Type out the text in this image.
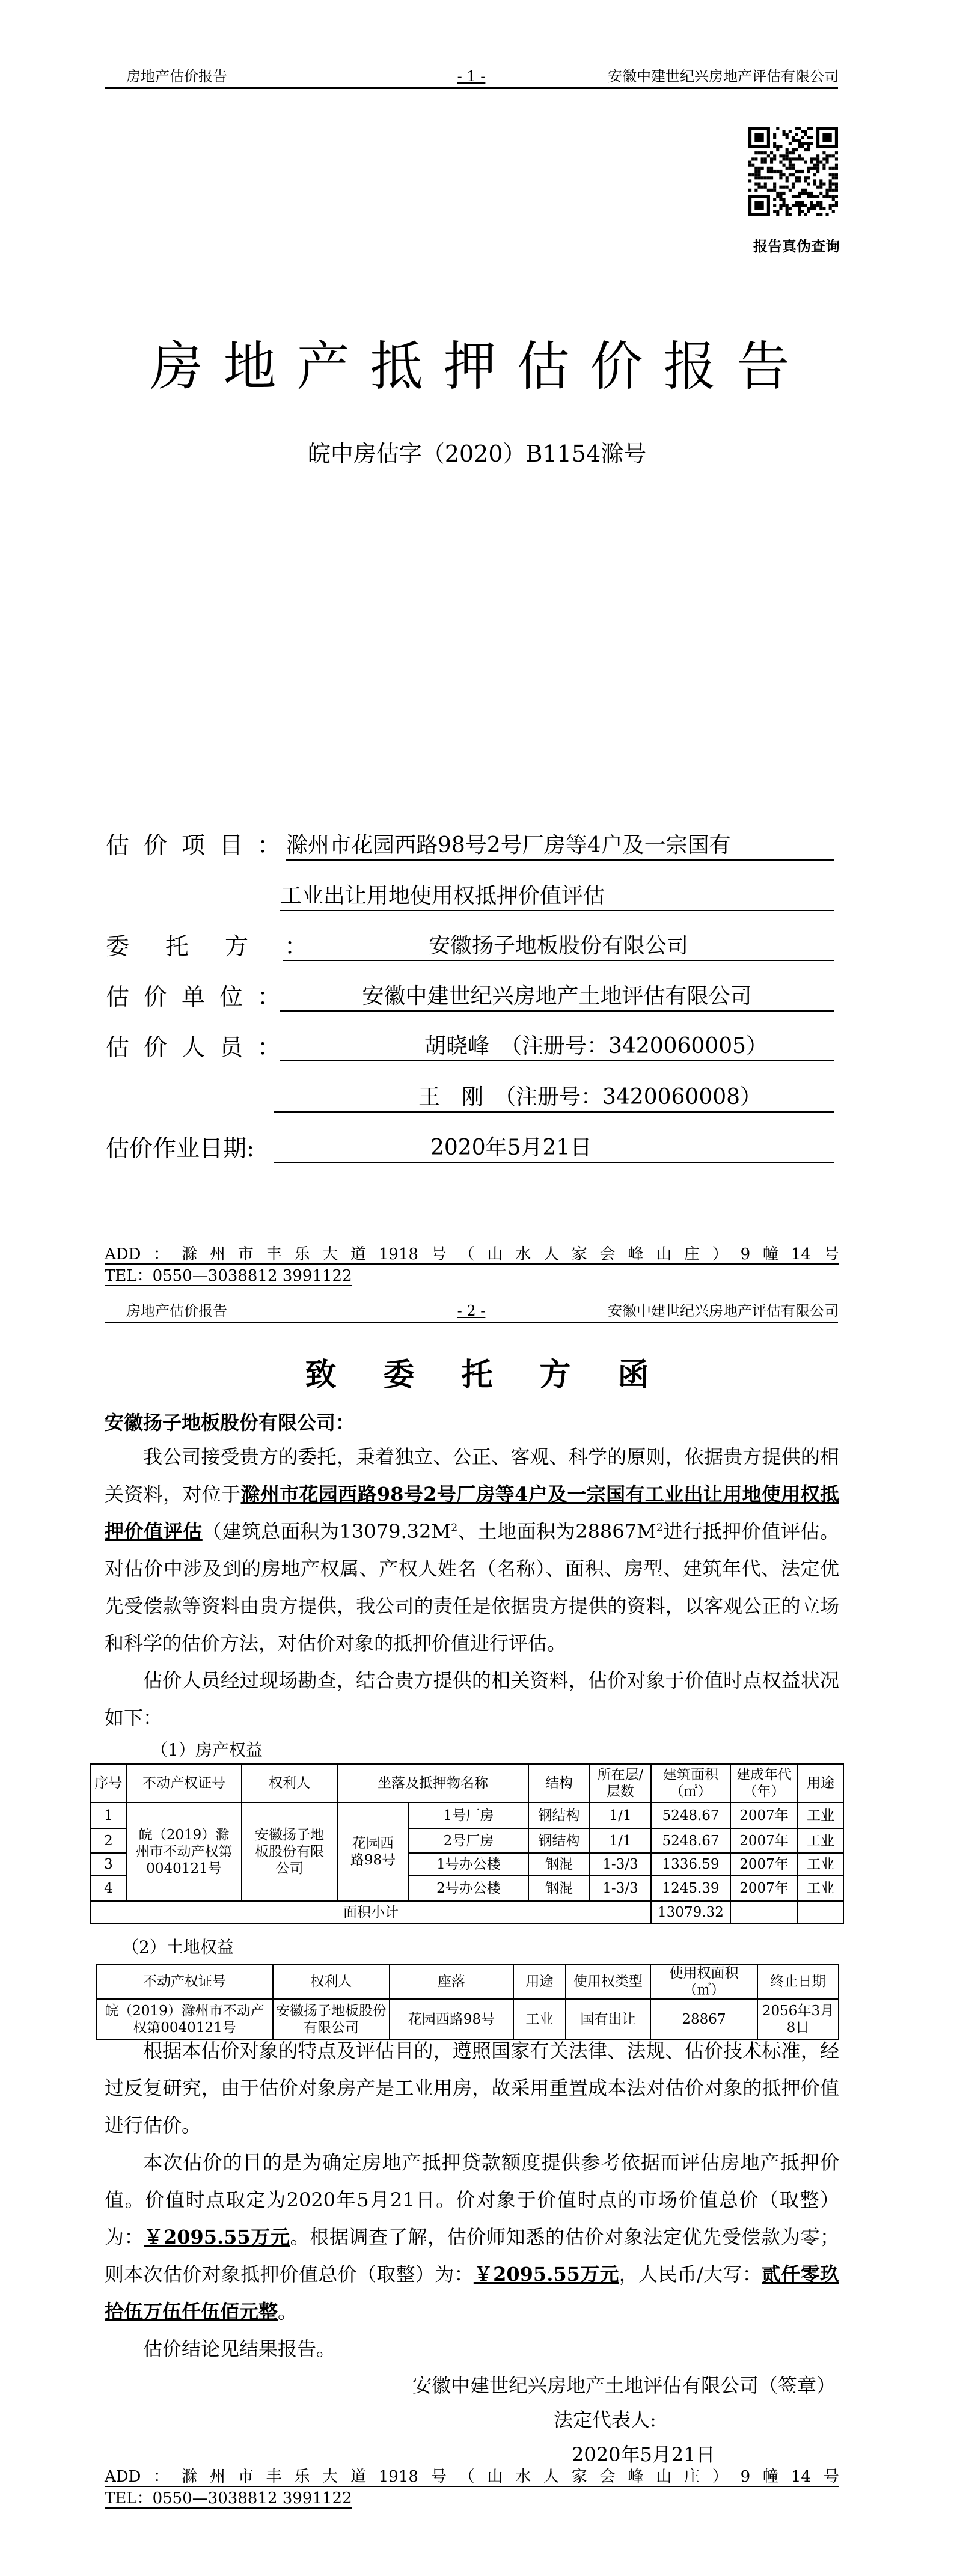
房地产估价报告	- 1 -	安徽中建世纪兴房地产评估有限公司
报告真伪查询
房地产抵押估价报告
皖中房估字（2020）B1154滁号
估价项目：
滁州市花园西路98号2号厂房等4户及一宗国有
工业出让用地使用权抵押价值评估
委托方：	安徽扬子地板股份有限公司
估价单位：	安徽中建世纪兴房地产土地评估有限公司
估价人员：	胡晓峰　（注册号：3420060005）
王　刚　（注册号：3420060008）
估价作业日期:	2020年5月21日
ADD ： 滁 州 市 丰 乐 大 道 1918 号 （ 山 水 人 家 会 峰 山 庄 ） 9 幢 14 号
TEL：0550—3038812 3991122
房地产估价报告	- 2 -	安徽中建世纪兴房地产评估有限公司
致委托方函
安徽扬子地板股份有限公司：

我公司接受贵方的委托，秉着独立、公正、客观、科学的原则，依据贵方提供的相关资料，对位于滁州市花园西路98号2号厂房等4户及一宗国有工业出让用地使用权抵押价值评估（建筑总面积为$13079.32M^2$、土地面积为$28867M^2$进行抵押价值评估。对估价中涉及到的房地产权属、产权人姓名（名称）、面积、房型、建筑年代、法定优先受偿款等资料由贵方提供，我公司的责任是依据贵方提供的资料，以客观公正的立场和科学的估价方法，对估价对象的抵押价值进行评估。

估价人员经过现场勘查，结合贵方提供的相关资料，估价对象于价值时点权益状况如下：

（1）房产权益
序号	不动产权证号	权利人	坐落及抵押物名称		结构	所在层/层数	建筑面积（㎡）	建成年代（年）	用途
1	皖（2019）滁州市不动产权第0040121号	安徽扬子地板股份有限公司	花园西路98号	1号厂房	钢结构	1/1	5248.67	2007年	工业
2				2号厂房	钢结构	1/1	5248.67	2007年	工业
3				1号办公楼	钢混	1-3/3	1336.59	2007年	工业
4				2号办公楼	钢混	1-3/3	1245.39	2007年	工业
面积小计							13079.32		
（2）土地权益
不动产权证号	权利人	座落	用途	使用权类型	使用权面积（㎡）	终止日期
皖（2019）滁州市不动产权第0040121号	安徽扬子地板股份有限公司	花园西路98号	工业	国有出让	28867	2056年3月8日

根据本估价对象的特点及评估目的，遵照国家有关法律、法规、估价技术标准，经过反复研究，由于估价对象房产是工业用房，故采用重置成本法对估价对象的抵押价值进行估价。

本次估价的目的是为确定房地产抵押贷款额度提供参考依据而评估房地产抵押价值。价值时点取定为2020年5月21日。价对象于价值时点的市场价值总价（取整）为：￥2095.55万元。根据调查了解，估价师知悉的估价对象法定优先受偿款为零；则本次估价对象抵押价值总价（取整）为：￥2095.55万元，人民币/大写：贰仟零玖拾伍万伍仟伍佰元整。

估价结论见结果报告。

安徽中建世纪兴房地产土地评估有限公司（签章）
法定代表人:
2020年5月21日
ADD ： 滁 州 市 丰 乐 大 道 1918 号 （ 山 水 人 家 会 峰 山 庄 ） 9 幢 14 号
TEL：0550—3038812 3991122
